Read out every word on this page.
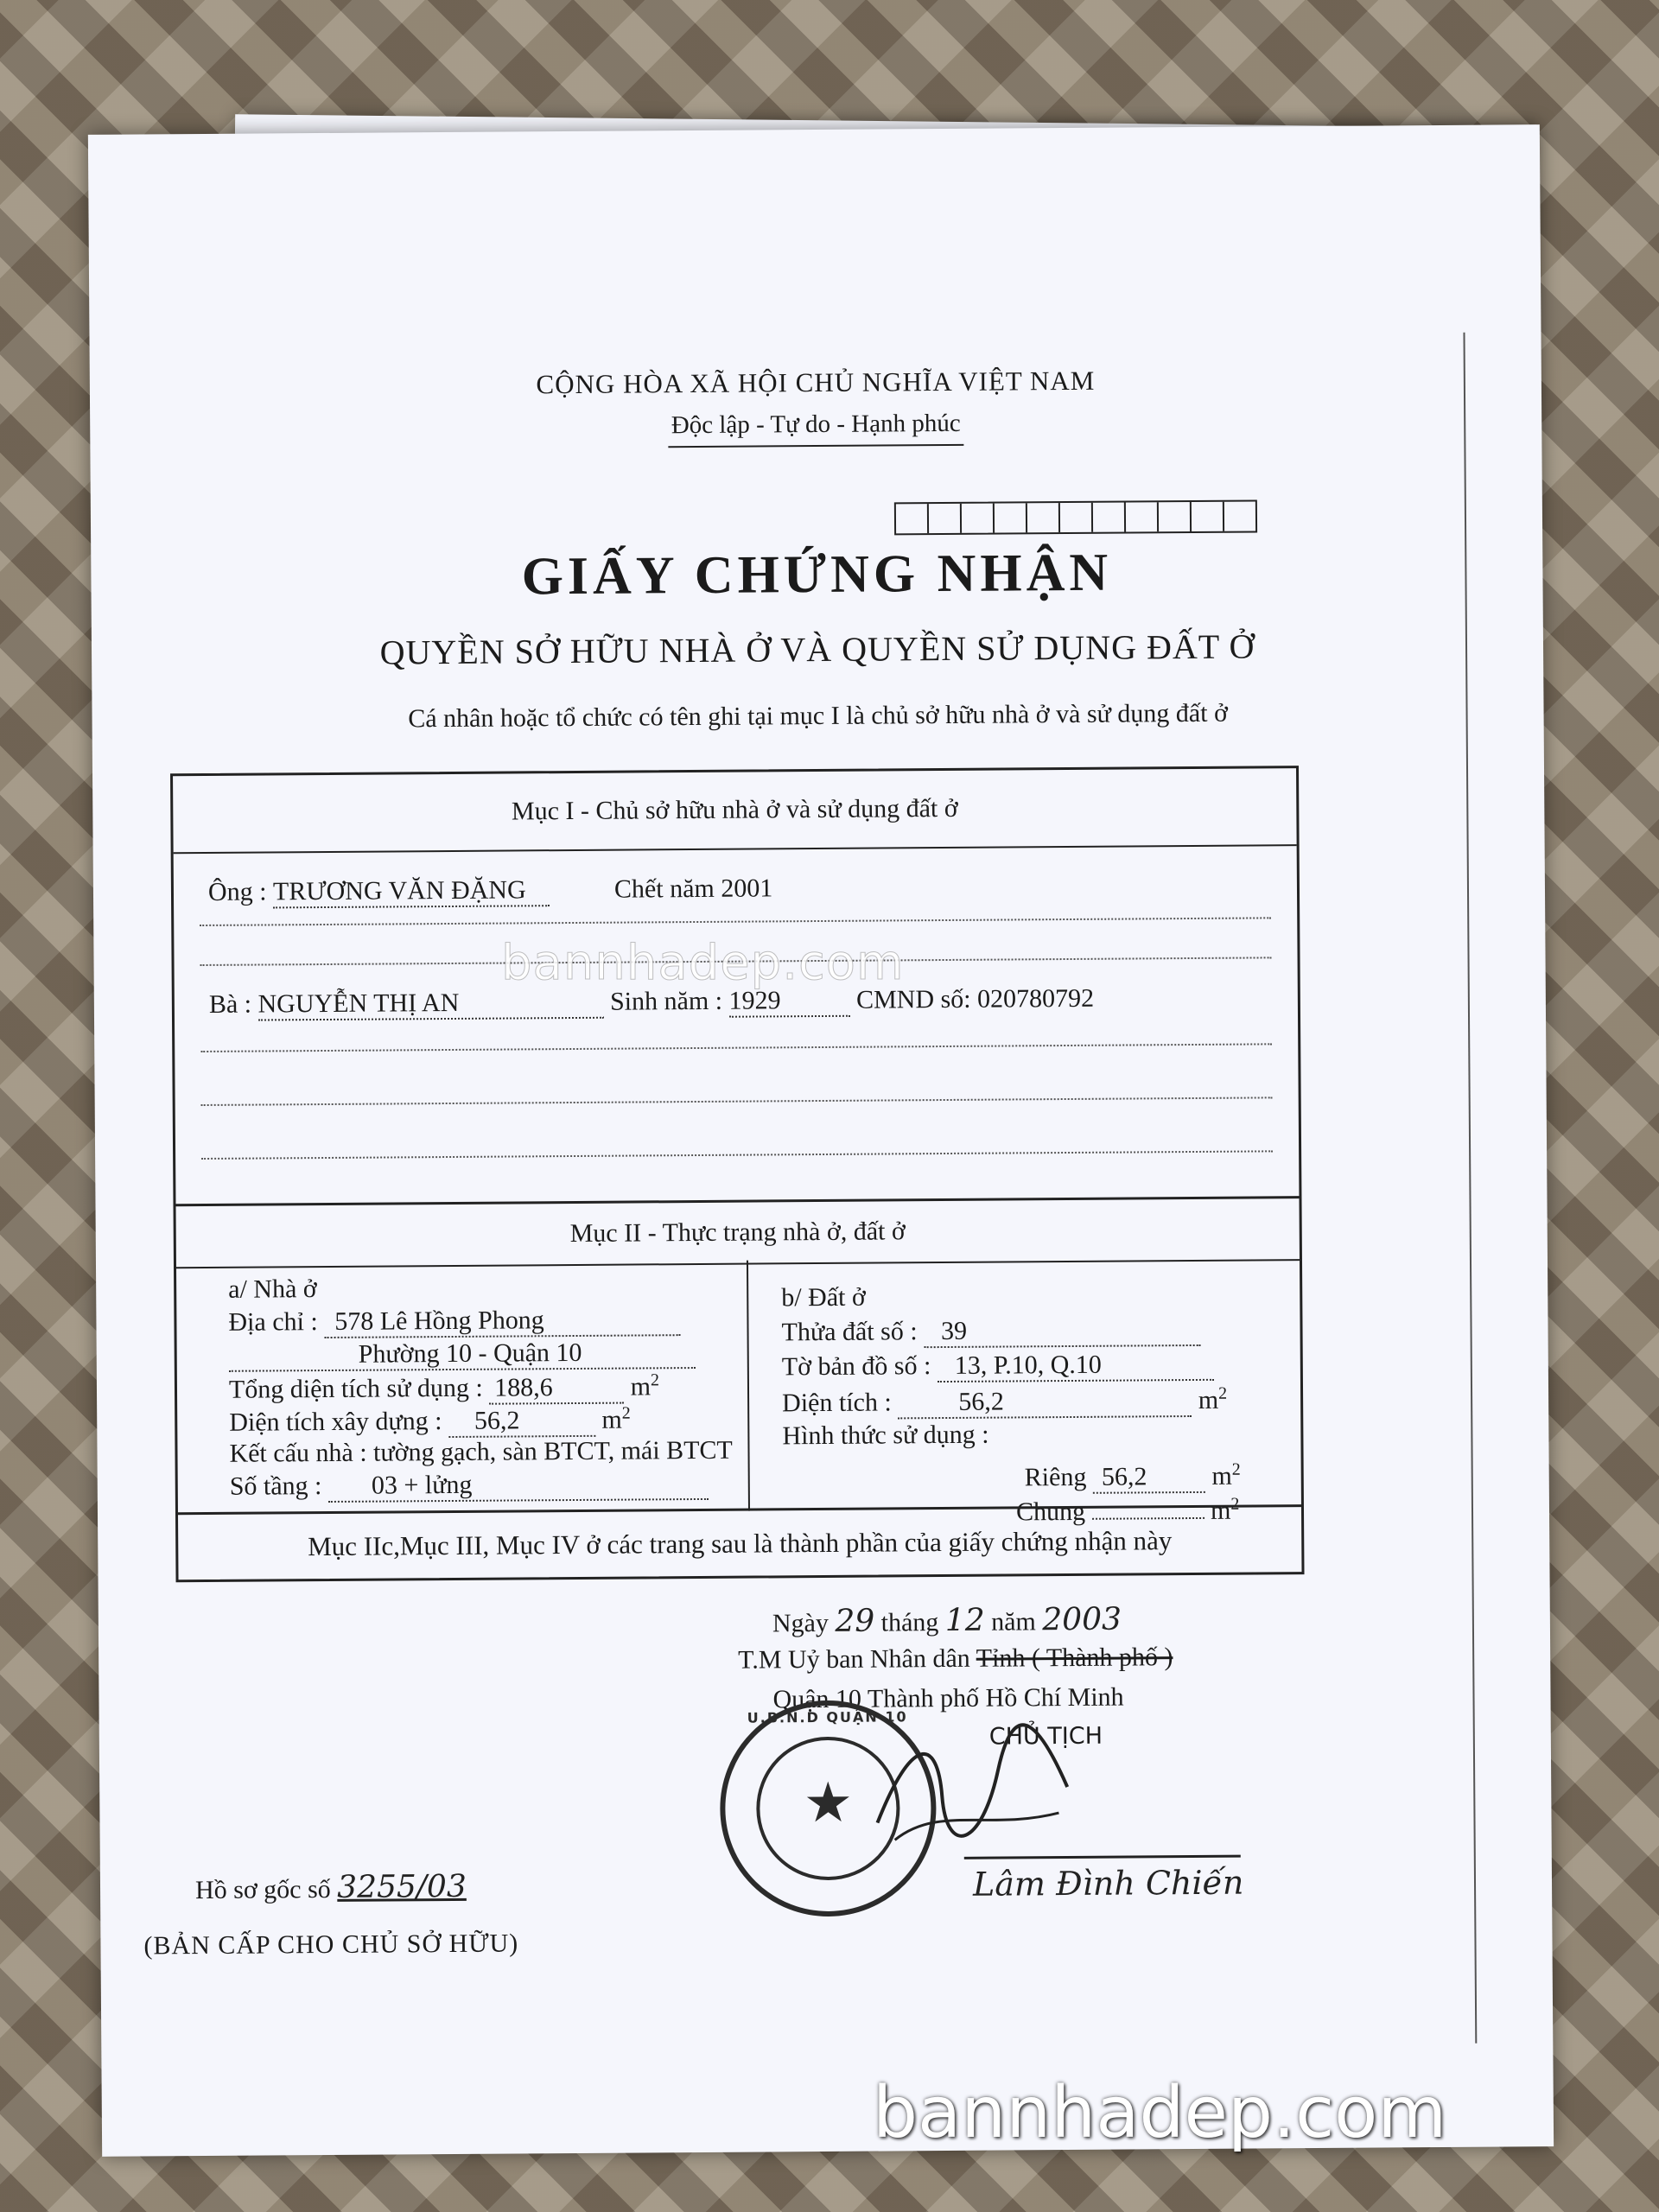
CỘNG HÒA XÃ HỘI CHỦ NGHĨA VIỆT NAM
Độc lập - Tự do - Hạnh phúc
GIẤY CHỨNG NHẬN
QUYỀN SỞ HỮU NHÀ Ở VÀ QUYỀN SỬ DỤNG ĐẤT Ở
Cá nhân hoặc tổ chức có tên ghi tại mục I là chủ sở hữu nhà ở và sử dụng đất ở
Mục I - Chủ sở hữu nhà ở và sử dụng đất ở
Ông : TRƯƠNG VĂN ĐẶNG	Chết năm 2001
Bà : NGUYỄN THỊ AN	Sinh năm : 1929	CMND số: 020780792
Mục II - Thực trạng nhà ở, đất ở
a/ Nhà ở
Địa chỉ : 578 Lê Hồng Phong
Phường 10 - Quận 10
Tổng diện tích sử dụng : 188,6	$m^2$
Diện tích xây dựng : 56,2	$m^2$
Kết cấu nhà : tường gạch, sàn BTCT, mái BTCT
Số tầng : 03 + lửng
b/ Đất ở
Thửa đất số : 39
Tờ bản đồ số : 13, P.10, Q.10
Diện tích :	56,2	$m^2$
Hình thức sử dụng :
Riêng 56,2 $m^2$
Chung	$m^2$
Mục IIc,Mục III, Mục IV ở các trang sau là thành phần của giấy chứng nhận này
Ngày 29 tháng 12 năm 2003
T.M Uỷ ban Nhân dân Tỉnh ( Thành phố )
Quận 10 Thành phố Hồ Chí Minh
CHỦ TỊCH
★
U.B.N.D QUẬN 10
Lâm Đình Chiến
Hồ sơ gốc số 3255/03
(BẢN CẤP CHO CHỦ SỞ HỮU)
bannhadep.com
bannhadep.com
